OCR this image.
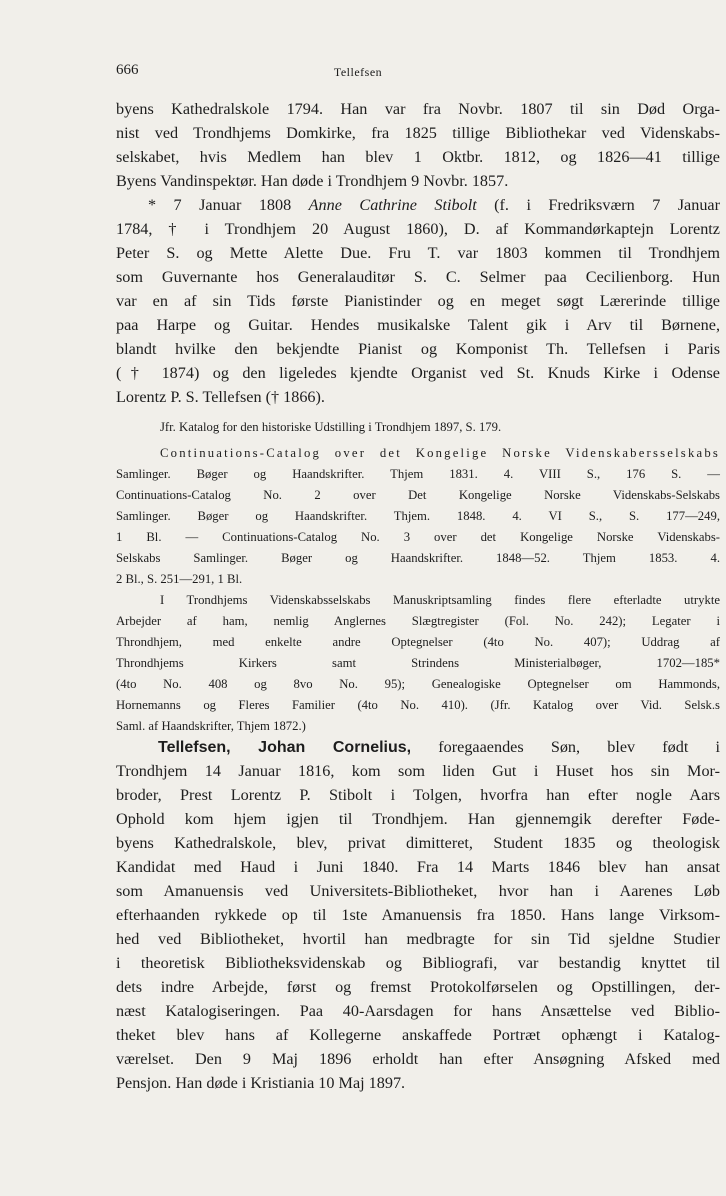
666	Tellefsen

byens Kathedralskole 1794. Han var fra Novbr. 1807 til sin Død Orga-

nist ved Trondhjems Domkirke, fra 1825 tillige Bibliothekar ved Videnskabs-

selskabet, hvis Medlem han blev 1 Oktbr. 1812, og 1826—41 tillige

Byens Vandinspektør. Han døde i Trondhjem 9 Novbr. 1857.

* 7 Januar 1808 Anne Cathrine Stibolt (f. i Fredriksværn 7 Januar

1784, † i Trondhjem 20 August 1860), D. af Kommandørkaptejn Lorentz

Peter S. og Mette Alette Due. Fru T. var 1803 kommen til Trondhjem

som Guvernante hos Generalauditør S. C. Selmer paa Cecilienborg. Hun

var en af sin Tids første Pianistinder og en meget søgt Lærerinde tillige

paa Harpe og Guitar. Hendes musikalske Talent gik i Arv til Børnene,

blandt hvilke den bekjendte Pianist og Komponist Th. Tellefsen i Paris

(† 1874) og den ligeledes kjendte Organist ved St. Knuds Kirke i Odense

Lorentz P. S. Tellefsen († 1866).

Jfr. Katalog for den historiske Udstilling i Trondhjem 1897, S. 179.

Continuations-Catalog over det Kongelige Norske Videnskabersselskabs

Samlinger. Bøger og Haandskrifter. Thjem 1831. 4. VIII S., 176 S. —

Continuations-Catalog No. 2 over Det Kongelige Norske Videnskabs-Selskabs

Samlinger. Bøger og Haandskrifter. Thjem. 1848. 4. VI S., S. 177—249,

1 Bl. — Continuations-Catalog No. 3 over det Kongelige Norske Videnskabs-

Selskabs Samlinger. Bøger og Haandskrifter. 1848—52. Thjem 1853. 4.

2 Bl., S. 251—291, 1 Bl.

I Trondhjems Videnskabsselskabs Manuskriptsamling findes flere efterladte utrykte

Arbejder af ham, nemlig Anglernes Slægtregister (Fol. No. 242); Legater i

Throndhjem, med enkelte andre Optegnelser (4to No. 407); Uddrag af

Throndhjems Kirkers samt Strindens Ministerialbøger, 1702—185*

(4to No. 408 og 8vo No. 95); Genealogiske Optegnelser om Hammonds,

Hornemanns og Fleres Familier (4to No. 410). (Jfr. Katalog over Vid. Selsk.s

Saml. af Haandskrifter, Thjem 1872.)

Tellefsen, Johan Cornelius, foregaaendes Søn, blev født i

Trondhjem 14 Januar 1816, kom som liden Gut i Huset hos sin Mor-

broder, Prest Lorentz P. Stibolt i Tolgen, hvorfra han efter nogle Aars

Ophold kom hjem igjen til Trondhjem. Han gjennemgik derefter Føde-

byens Kathedralskole, blev, privat dimitteret, Student 1835 og theologisk

Kandidat med Haud i Juni 1840. Fra 14 Marts 1846 blev han ansat

som Amanuensis ved Universitets-Bibliotheket, hvor han i Aarenes Løb

efterhaanden rykkede op til 1ste Amanuensis fra 1850. Hans lange Virksom-

hed ved Bibliotheket, hvortil han medbragte for sin Tid sjeldne Studier

i theoretisk Bibliotheksvidenskab og Bibliografi, var bestandig knyttet til

dets indre Arbejde, først og fremst Protokolførselen og Opstillingen, der-

næst Katalogiseringen. Paa 40-Aarsdagen for hans Ansættelse ved Biblio-

theket blev hans af Kollegerne anskaffede Portræt ophængt i Katalog-

værelset. Den 9 Maj 1896 erholdt han efter Ansøgning Afsked med

Pensjon. Han døde i Kristiania 10 Maj 1897.
